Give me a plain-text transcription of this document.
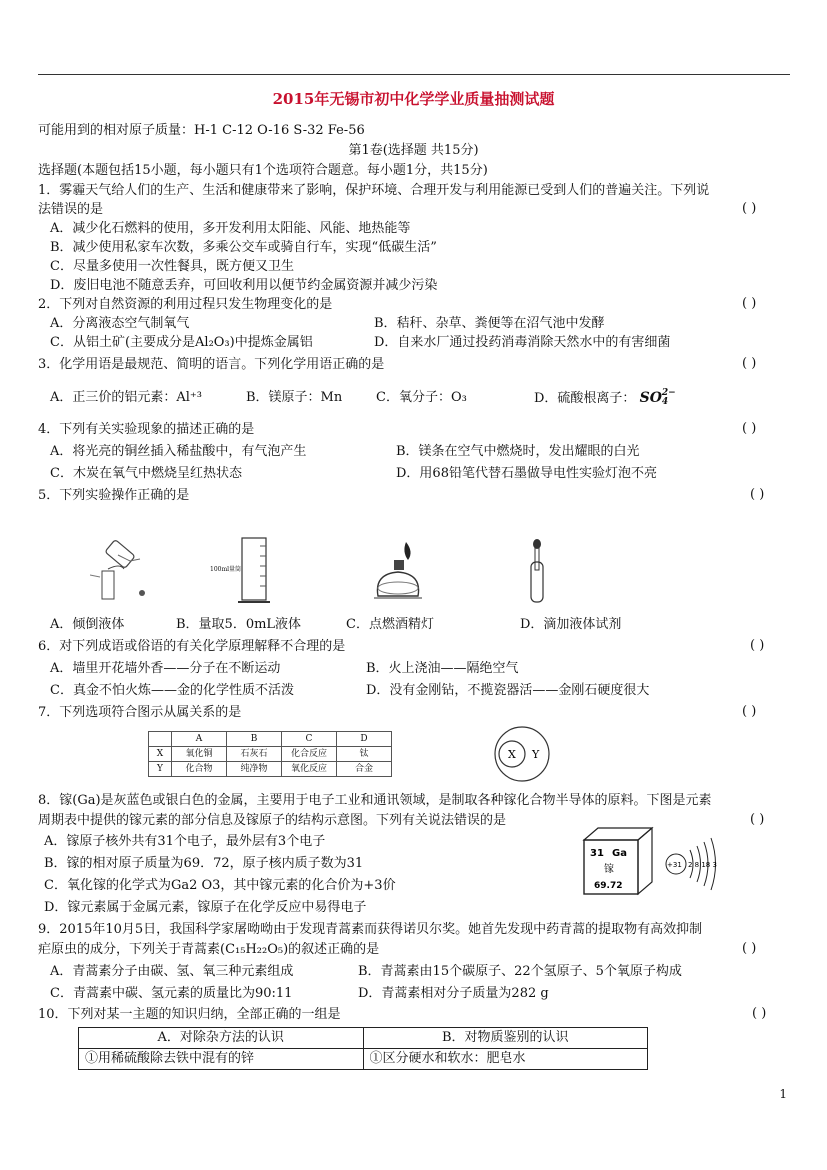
2015年无锡市初中化学学业质量抽测试题
可能用到的相对原子质量：H-1 C-12 O-16 S-32 Fe-56
第1卷(选择题 共15分)
选择题(本题包括15小题，每小题只有1个选项符合题意。每小题1分，共15分)
1．雾霾天气给人们的生产、生活和健康带来了影响，保护环境、合理开发与利用能源已受到人们的普遍关注。下列说
法错误的是	( )
A．减少化石燃料的使用，多开发利用太阳能、风能、地热能等
B．减少使用私家车次数，多乘公交车或骑自行车，实现“低碳生活”
C．尽量多使用一次性餐具，既方便又卫生
D．废旧电池不随意丢弃，可回收利用以便节约金属资源并减少污染
2．下列对自然资源的利用过程只发生物理变化的是	( )
A．分离液态空气制氧气	B．秸秆、杂草、粪便等在沼气池中发酵
C．从铝土矿(主要成分是Al₂O₃)中提炼金属铝	D．自来水厂通过投药消毒消除天然水中的有害细菌
3．化学用语是最规范、简明的语言。下列化学用语正确的是	( )
A．正三价的铝元素：Al⁺³	B．镁原子：Mn	C．氧分子：O₃	D．硫酸根离子： SO 2−
4
4．下列有关实验现象的描述正确的是	( )
A．将光亮的铜丝插入稀盐酸中，有气泡产生	B．镁条在空气中燃烧时，发出耀眼的白光
C．木炭在氧气中燃烧呈红热状态	D．用68铅笔代替石墨做导电性实验灯泡不亮
5．下列实验操作正确的是	( )
100ml量筒
A．倾倒液体	B．量取5．0mL液体	C．点燃酒精灯	D．滴加液体试剂
6．对下列成语或俗语的有关化学原理解释不合理的是	( )
A．墙里开花墙外香——分子在不断运动	B．火上浇油——隔绝空气
C．真金不怕火炼——金的化学性质不活泼	D．没有金刚钻，不揽瓷器活——金刚石硬度很大
7．下列选项符合图示从属关系的是	( )
	A	B	C	D
X	氧化铜	石灰石	化合反应	钛
Y	化合物	纯净物	氧化反应	合金
X Y
8．镓(Ga)是灰蓝色或银白色的金属，主要用于电子工业和通讯领域，是制取各种镓化合物半导体的原料。下图是元素
周期表中提供的镓元素的部分信息及镓原子的结构示意图。下列有关说法错误的是	( )
A．镓原子核外共有31个电子，最外层有3个电子
B．镓的相对原子质量为69．72，原子核内质子数为31
C．氧化镓的化学式为Ga2 O3，其中镓元素的化合价为+3价
D．镓元素属于金属元素，镓原子在化学反应中易得电子
31 Ga
镓
69.72
+31 2 8 18 3
9．2015年10月5日，我国科学家屠呦呦由于发现青蒿素而获得诺贝尔奖。她首先发现中药青蒿的提取物有高效抑制
疟原虫的成分，下列关于青蒿素(C₁₅H₂₂O₅)的叙述正确的是	( )
A．青蒿素分子由碳、氢、氧三种元素组成	B．青蒿素由15个碳原子、22个氢原子、5个氧原子构成
C．青蒿素中碳、氢元素的质量比为90:11	D．青蒿素相对分子质量为282 g
10．下列对某一主题的知识归纳，全部正确的一组是	( )
A．对除杂方法的认识	B．对物质鉴别的认识
①用稀硫酸除去铁中混有的锌	①区分硬水和软水：肥皂水
1
